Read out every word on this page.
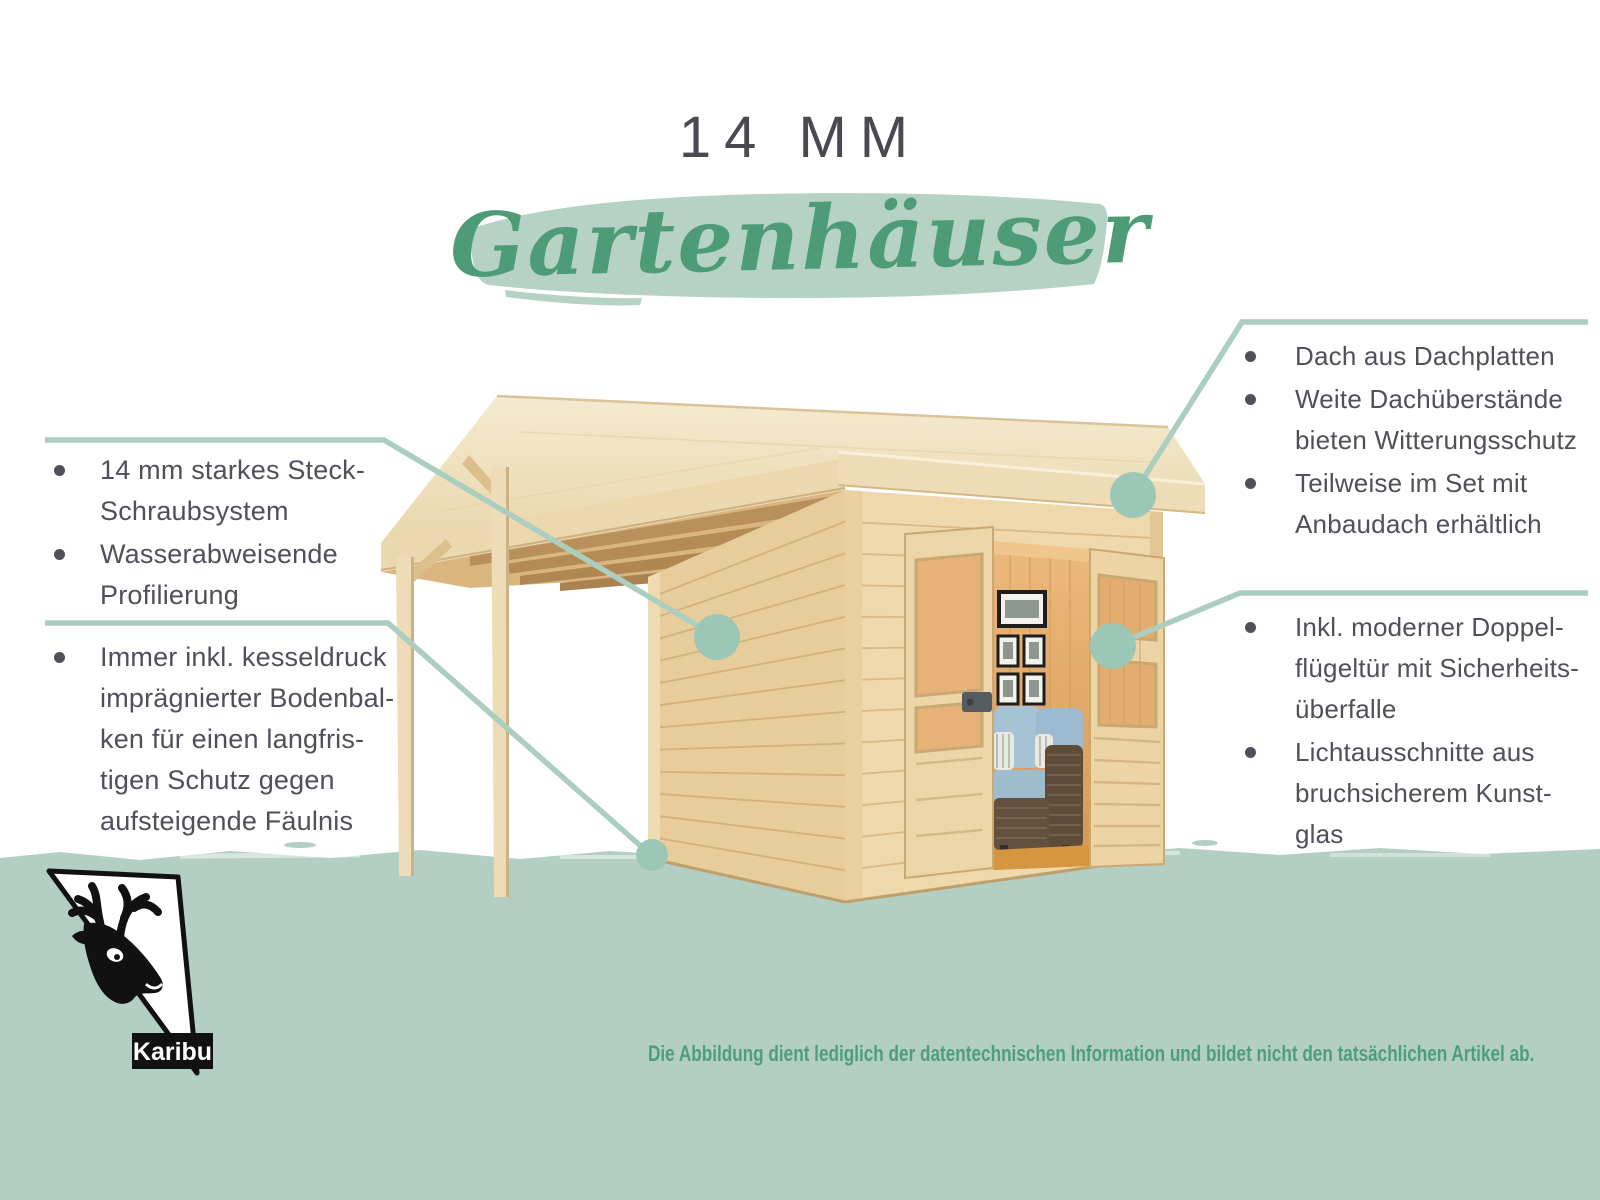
Karibu
14 MM
Gartenhäuser
14 mm starkes Steck-
Schraubsystem
Wasserabweisende
Profilierung
Immer inkl. kesseldruck
imprägnierter Bodenbal-
ken für einen langfris-
tigen Schutz gegen
aufsteigende Fäulnis
Dach aus Dachplatten
Weite Dachüberstände
bieten Witterungsschutz
Teilweise im Set mit
Anbaudach erhältlich
Inkl. moderner Doppel-
flügeltür mit Sicherheits-
überfalle
Lichtausschnitte aus
bruchsicherem Kunst-
glas
Die Abbildung dient lediglich der datentechnischen Information und bildet nicht den tatsächlichen Artikel ab.
